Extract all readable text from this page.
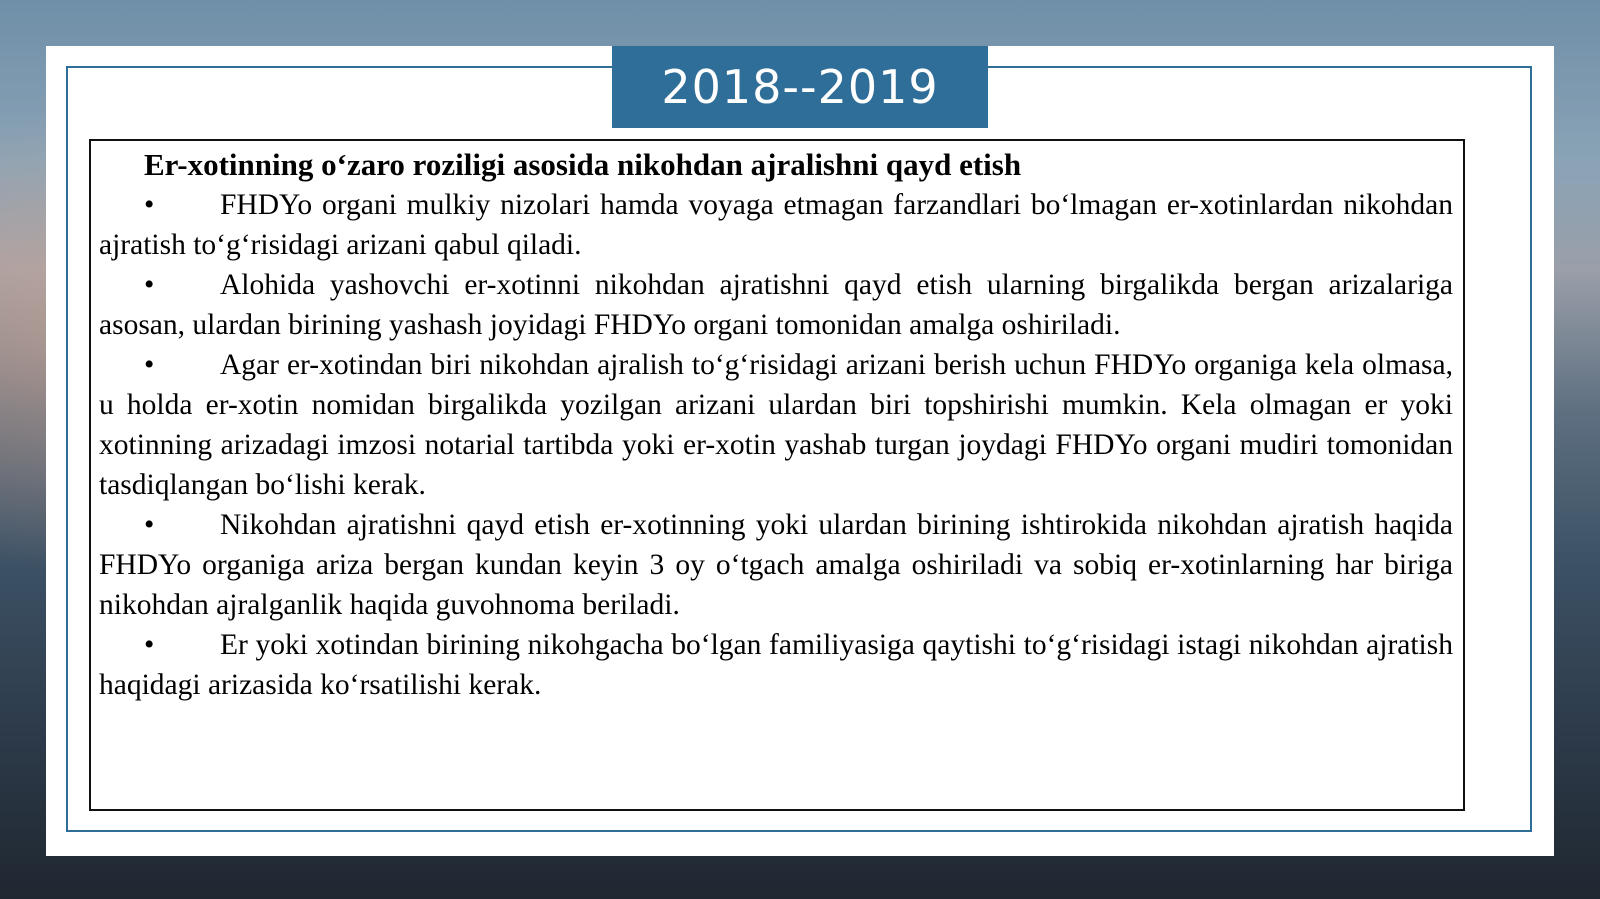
2018--2019

Er-xotinning o‘zaro roziligi asosida nikohdan ajralishni qayd etish

• FHDYo organi mulkiy nizolari hamda voyaga etmagan farzandlari bo‘lmagan er-xotinlardan nikohdan ajratish to‘g‘risidagi arizani qabul qiladi.

• Alohida yashovchi er-xotinni nikohdan ajratishni qayd etish ularning birgalikda bergan arizalariga asosan, ulardan birining yashash joyidagi FHDYo organi tomonidan amalga oshiriladi.

• Agar er-xotindan biri nikohdan ajralish to‘g‘risidagi arizani berish uchun FHDYo organiga kela olmasa, u holda er-xotin nomidan birgalikda yozilgan arizani ulardan biri topshirishi mumkin. Kela olmagan er yoki xotinning arizadagi imzosi notarial tartibda yoki er-xotin yashab turgan joydagi FHDYo organi mudiri tomonidan tasdiqlangan bo‘lishi kerak.

• Nikohdan ajratishni qayd etish er-xotinning yoki ulardan birining ishtirokida nikohdan ajratish haqida FHDYo organiga ariza bergan kundan keyin 3 oy o‘tgach amalga oshiriladi va sobiq er-xotinlarning har biriga nikohdan ajralganlik haqida guvohnoma beriladi.

• Er yoki xotindan birining nikohgacha bo‘lgan familiyasiga qaytishi to‘g‘risidagi istagi nikohdan ajratish haqidagi arizasida ko‘rsatilishi kerak.
